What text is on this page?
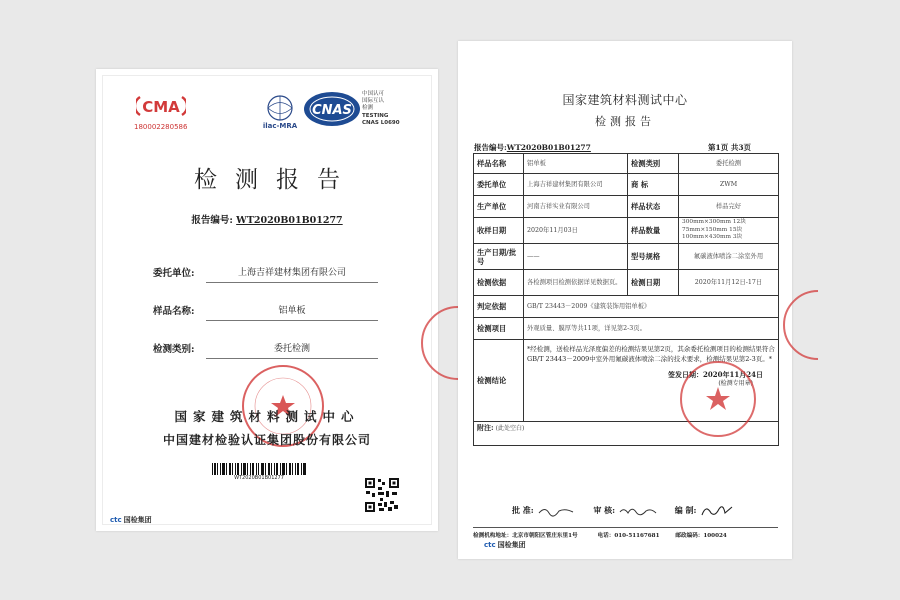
CMA
180002280586	ilac-MRA
CNAS
中国认可
国际互认
检测
TESTING
CNAS L0690
检测报告
报告编号: WT2020B01B01277
委托单位:	上海吉祥建材集团有限公司
样品名称:	铝单板
检测类别:	委托检测
国家建筑材料测试中心
中国建材检验认证集团股份有限公司
WT2020B01B01277
ctc 国检集团
国家建筑材料测试中心
检测报告
报告编号:WT2020B01B01277	第1页 共3页
样品名称	铝单板	检测类别	委托检测
委托单位	上海吉祥建材集团有限公司	商 标	ZWM
生产单位	河南吉祥实业有限公司	样品状态	样品完好
收样日期	2020年11月03日	样品数量	300mm×300mm 12块 75mm×150mm 15块 100mm×430mm 3块
生产日期/批号	——	型号规格	氟碳液体喷涂二涂室外用
检测依据	各检测项目检测依据详见数据页。	检测日期	2020年11月12日-17日
判定依据	GB/T 23443－2009《建筑装饰用铝单板》		
检测项目	外观质量、膜厚等共11项，详见第2-3页。		
检测结论	*经检测，送检样品光泽度偏差的检测结果见第2页，其余委托检测项目的检测结果符合GB/T 23443－2009中室外用氟碳液体喷涂二涂的技术要求，检测结果见第2-3页。*
签发日期：2020年11月24日
(检测专用章)		

附注: (此处空白)			
批 准:	审 核:	编 制:
检测机构地址：北京市朝阳区管庄东里1号	电话：010-51167681	邮政编码：100024
ctc 国检集团
